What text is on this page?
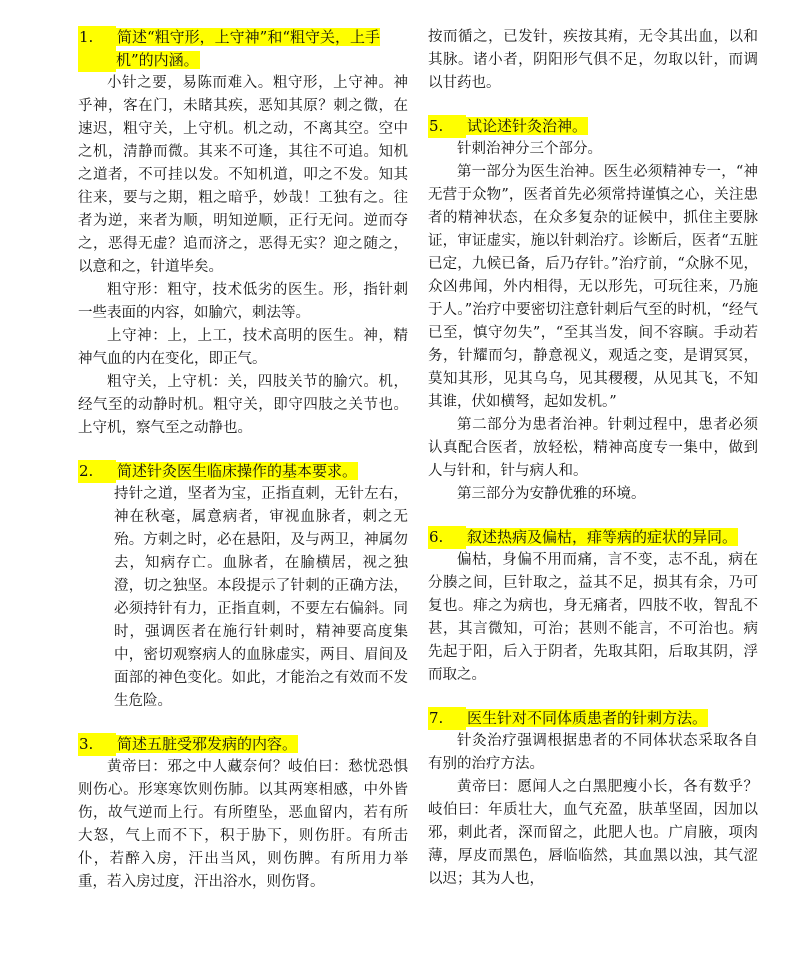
1.	简述“粗守形，上守神”和“粗守关，上手机”的内涵。

小针之要，易陈而难入。粗守形，上守神。神乎神，客在门，未睹其疾，恶知其原？刺之微，在速迟，粗守关，上守机。机之动，不离其空。空中之机，清静而微。其来不可逢，其往不可追。知机之道者，不可挂以发。不知机道，叩之不发。知其往来，要与之期，粗之暗乎，妙哉！工独有之。往者为逆，来者为顺，明知逆顺，正行无问。逆而夺之，恶得无虚？追而济之，恶得无实？迎之随之，以意和之，针道毕矣。

粗守形：粗守，技术低劣的医生。形，指针刺一些表面的内容，如腧穴，刺法等。

上守神：上，上工，技术高明的医生。神，精神气血的内在变化，即正气。

粗守关，上守机：关，四肢关节的腧穴。机，经气至的动静时机。粗守关，即守四肢之关节也。上守机，察气至之动静也。

2.	简述针灸医生临床操作的基本要求。

持针之道，坚者为宝，正指直刺，无针左右，神在秋毫，属意病者，审视血脉者，刺之无殆。方刺之时，必在悬阳，及与两卫，神属勿去，知病存亡。血脉者，在腧横居，视之独澄，切之独坚。本段提示了针刺的正确方法，必须持针有力，正指直刺，不要左右偏斜。同时，强调医者在施行针刺时，精神要高度集中，密切观察病人的血脉虚实，两目、眉间及面部的神色变化。如此，才能治之有效而不发生危险。

3.	简述五脏受邪发病的内容。

黄帝曰：邪之中人藏奈何？岐伯曰：愁忧恐惧则伤心。形寒寒饮则伤肺。以其两寒相感，中外皆伤，故气逆而上行。有所堕坠，恶血留内，若有所大怒，气上而不下，积于胁下，则伤肝。有所击仆，若醉入房，汗出当风，则伤脾。有所用力举重，若入房过度，汗出浴水，则伤肾。

按而循之，已发针，疾按其痏，无令其出血，以和其脉。诸小者，阴阳形气俱不足，勿取以针，而调以甘药也。

5.	试论述针灸治神。

针刺治神分三个部分。

第一部分为医生治神。医生必须精神专一，“神无营于众物”，医者首先必须常持谨慎之心，关注患者的精神状态，在众多复杂的证候中，抓住主要脉证，审证虚实，施以针刺治疗。诊断后，医者“五脏已定，九候已备，后乃存针。”治疗前，“众脉不见，众凶弗闻，外内相得，无以形先，可玩往来，乃施于人。”治疗中要密切注意针刺后气至的时机，“经气已至，慎守勿失”，“至其当发，间不容瞚。手动若务，针耀而匀，静意视义，观适之变，是谓冥冥，莫知其形，见其乌乌，见其稷稷，从见其飞，不知其谁，伏如横弩，起如发机。”

第二部分为患者治神。针刺过程中，患者必须认真配合医者，放轻松，精神高度专一集中，做到人与针和，针与病人和。

第三部分为安静优雅的环境。

6.	叙述热病及偏枯，痱等病的症状的异同。

偏枯，身偏不用而痛，言不变，志不乱，病在分腠之间，巨针取之，益其不足，损其有余，乃可复也。痱之为病也，身无痛者，四肢不收，智乱不甚，其言微知，可治；甚则不能言，不可治也。病先起于阳，后入于阴者，先取其阳，后取其阴，浮而取之。

7.	医生针对不同体质患者的针刺方法。

针灸治疗强调根据患者的不同体状态采取各自有别的治疗方法。

黄帝曰：愿闻人之白黑肥瘦小长，各有数乎？岐伯曰：年质壮大，血气充盈，肤革坚固，因加以邪，刺此者，深而留之，此肥人也。广肩腋，项肉薄，厚皮而黑色，唇临临然，其血黑以浊，其气涩以迟；其为人也，
